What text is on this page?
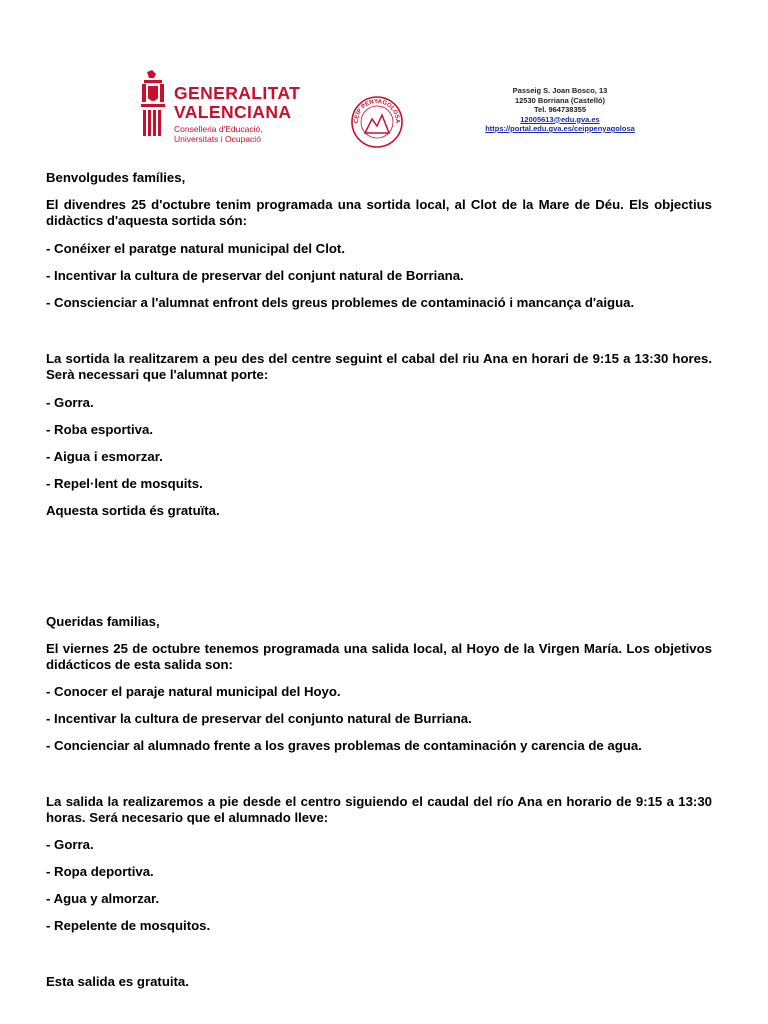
GENERALITAT
VALENCIANA
Conselleria d'Educació,
Universitats i Ocupació
CEIP PENYAGOLOSA
Passeig S. Joan Bosco, 13
12530 Borriana (Castelló)
Tel. 964738355
12005613@edu.gva.es
https://portal.edu.gva.es/ceippenyagolosa
Benvolgudes famílies,
El divendres 25 d'octubre tenim programada una sortida local, al Clot de la Mare de Déu. Els objectius didàctics d'aquesta sortida són:
- Conéixer el paratge natural municipal del Clot.
- Incentivar la cultura de preservar del conjunt natural de Borriana.
- Conscienciar a l'alumnat enfront dels greus problemes de contaminació i mancança d'aigua.
La sortida la realitzarem a peu des del centre seguint el cabal del riu Ana en horari de 9:15 a 13:30 hores. Serà necessari que l'alumnat porte:
- Gorra.
- Roba esportiva.
- Aigua i esmorzar.
- Repel·lent de mosquits.
Aquesta sortida és gratuïta.
Queridas familias,
El viernes 25 de octubre tenemos programada una salida local, al Hoyo de la Virgen María. Los objetivos didácticos de esta salida son:
- Conocer el paraje natural municipal del Hoyo.
- Incentivar la cultura de preservar del conjunto natural de Burriana.
- Concienciar al alumnado frente a los graves problemas de contaminación y carencia de agua.
La salida la realizaremos a pie desde el centro siguiendo el caudal del río Ana en horario de 9:15 a 13:30 horas. Será necesario que el alumnado lleve:
- Gorra.
- Ropa deportiva.
- Agua y almorzar.
- Repelente de mosquitos.
Esta salida es gratuita.
